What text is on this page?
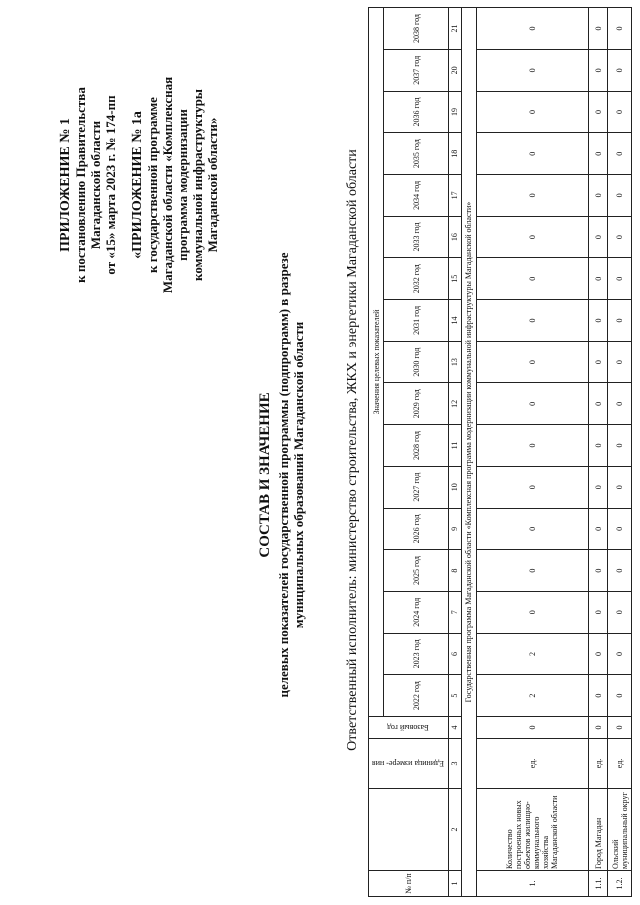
ПРИЛОЖЕНИЕ № 1 к постановлению Правительства Магаданской области от «15» марта 2023 г. № 174-пп «ПРИЛОЖЕНИЕ № 1а к государственной программе Магаданской области «Комплексная программа модернизации коммунальной инфраструктуры Магаданской области»
СОСТАВ И ЗНАЧЕНИЕ целевых показателей государственной программы (подпрограмм) в разрезе муниципальных образований Магаданской области	Ответственный исполнитель: министерство строительства, ЖКХ и энергетики Магаданской области
№ п/п		Единица измере- ния	Базовый год	Значения целевых показателей																
				2022 год	2023 год	2024 год	2025 год	2026 год	2027 год	2028 год	2029 год	2030 год	2031 год	2032 год	2033 год	2034 год	2035 год	2036 год	2037 год	2038 год
1	2	3	4	5	6	7	8	9	10	11	12	13	14	15	16	17	18	19	20	21
Государственная программа Магаданской области «Комплексная программа модернизации коммунальной инфраструктуры Магаданской области»																				
1.	Количество построенных новых объектов жилищно-коммунального хозяйства Магаданской области	ед.	0	2	2	0	0	0	0	0	0	0	0	0	0	0	0	0	0	0
1.1.	Город Магадан	ед.	0	0	0	0	0	0	0	0	0	0	0	0	0	0	0	0	0	0
1.2.	Ольский муниципальный округ	ед.	0	0	0	0	0	0	0	0	0	0	0	0	0	0	0	0	0	0
